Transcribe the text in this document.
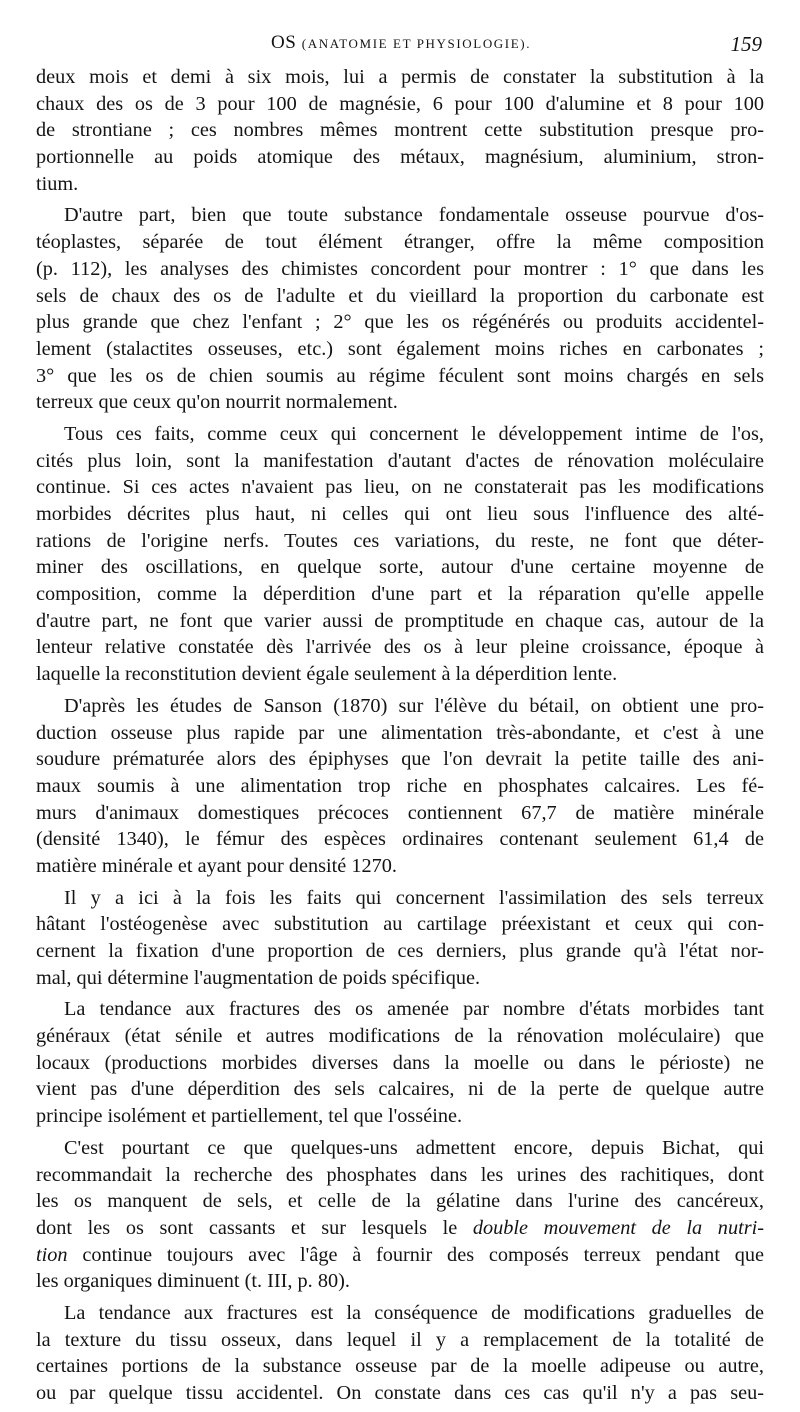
OS (ANATOMIE ET PHYSIOLOGIE).	159
deux mois et demi à six mois, lui a permis de constater la substitution à la
chaux des os de 3 pour 100 de magnésie, 6 pour 100 d'alumine et 8 pour 100
de strontiane ; ces nombres mêmes montrent cette substitution presque pro-
portionnelle au poids atomique des métaux, magnésium, aluminium, stron-
tium.
D'autre part, bien que toute substance fondamentale osseuse pourvue d'os-
téoplastes, séparée de tout élément étranger, offre la même composition
(p. 112), les analyses des chimistes concordent pour montrer : 1° que dans les
sels de chaux des os de l'adulte et du vieillard la proportion du carbonate est
plus grande que chez l'enfant ; 2° que les os régénérés ou produits accidentel-
lement (stalactites osseuses, etc.) sont également moins riches en carbonates ;
3° que les os de chien soumis au régime féculent sont moins chargés en sels
terreux que ceux qu'on nourrit normalement.
Tous ces faits, comme ceux qui concernent le développement intime de l'os,
cités plus loin, sont la manifestation d'autant d'actes de rénovation moléculaire
continue. Si ces actes n'avaient pas lieu, on ne constaterait pas les modifications
morbides décrites plus haut, ni celles qui ont lieu sous l'influence des alté-
rations de l'origine nerfs. Toutes ces variations, du reste, ne font que déter-
miner des oscillations, en quelque sorte, autour d'une certaine moyenne de
composition, comme la déperdition d'une part et la réparation qu'elle appelle
d'autre part, ne font que varier aussi de promptitude en chaque cas, autour de la
lenteur relative constatée dès l'arrivée des os à leur pleine croissance, époque à
laquelle la reconstitution devient égale seulement à la déperdition lente.
D'après les études de Sanson (1870) sur l'élève du bétail, on obtient une pro-
duction osseuse plus rapide par une alimentation très-abondante, et c'est à une
soudure prématurée alors des épiphyses que l'on devrait la petite taille des ani-
maux soumis à une alimentation trop riche en phosphates calcaires. Les fé-
murs d'animaux domestiques précoces contiennent 67,7 de matière minérale
(densité 1340), le fémur des espèces ordinaires contenant seulement 61,4 de
matière minérale et ayant pour densité 1270.
Il y a ici à la fois les faits qui concernent l'assimilation des sels terreux
hâtant l'ostéogenèse avec substitution au cartilage préexistant et ceux qui con-
cernent la fixation d'une proportion de ces derniers, plus grande qu'à l'état nor-
mal, qui détermine l'augmentation de poids spécifique.
La tendance aux fractures des os amenée par nombre d'états morbides tant
généraux (état sénile et autres modifications de la rénovation moléculaire) que
locaux (productions morbides diverses dans la moelle ou dans le périoste) ne
vient pas d'une déperdition des sels calcaires, ni de la perte de quelque autre
principe isolément et partiellement, tel que l'osséine.
C'est pourtant ce que quelques-uns admettent encore, depuis Bichat, qui
recommandait la recherche des phosphates dans les urines des rachitiques, dont
les os manquent de sels, et celle de la gélatine dans l'urine des cancéreux,
dont les os sont cassants et sur lesquels le double mouvement de la nutri-
tion continue toujours avec l'âge à fournir des composés terreux pendant que
les organiques diminuent (t. III, p. 80).
La tendance aux fractures est la conséquence de modifications graduelles de
la texture du tissu osseux, dans lequel il y a remplacement de la totalité de
certaines portions de la substance osseuse par de la moelle adipeuse ou autre,
ou par quelque tissu accidentel. On constate dans ces cas qu'il n'y a pas seu-
